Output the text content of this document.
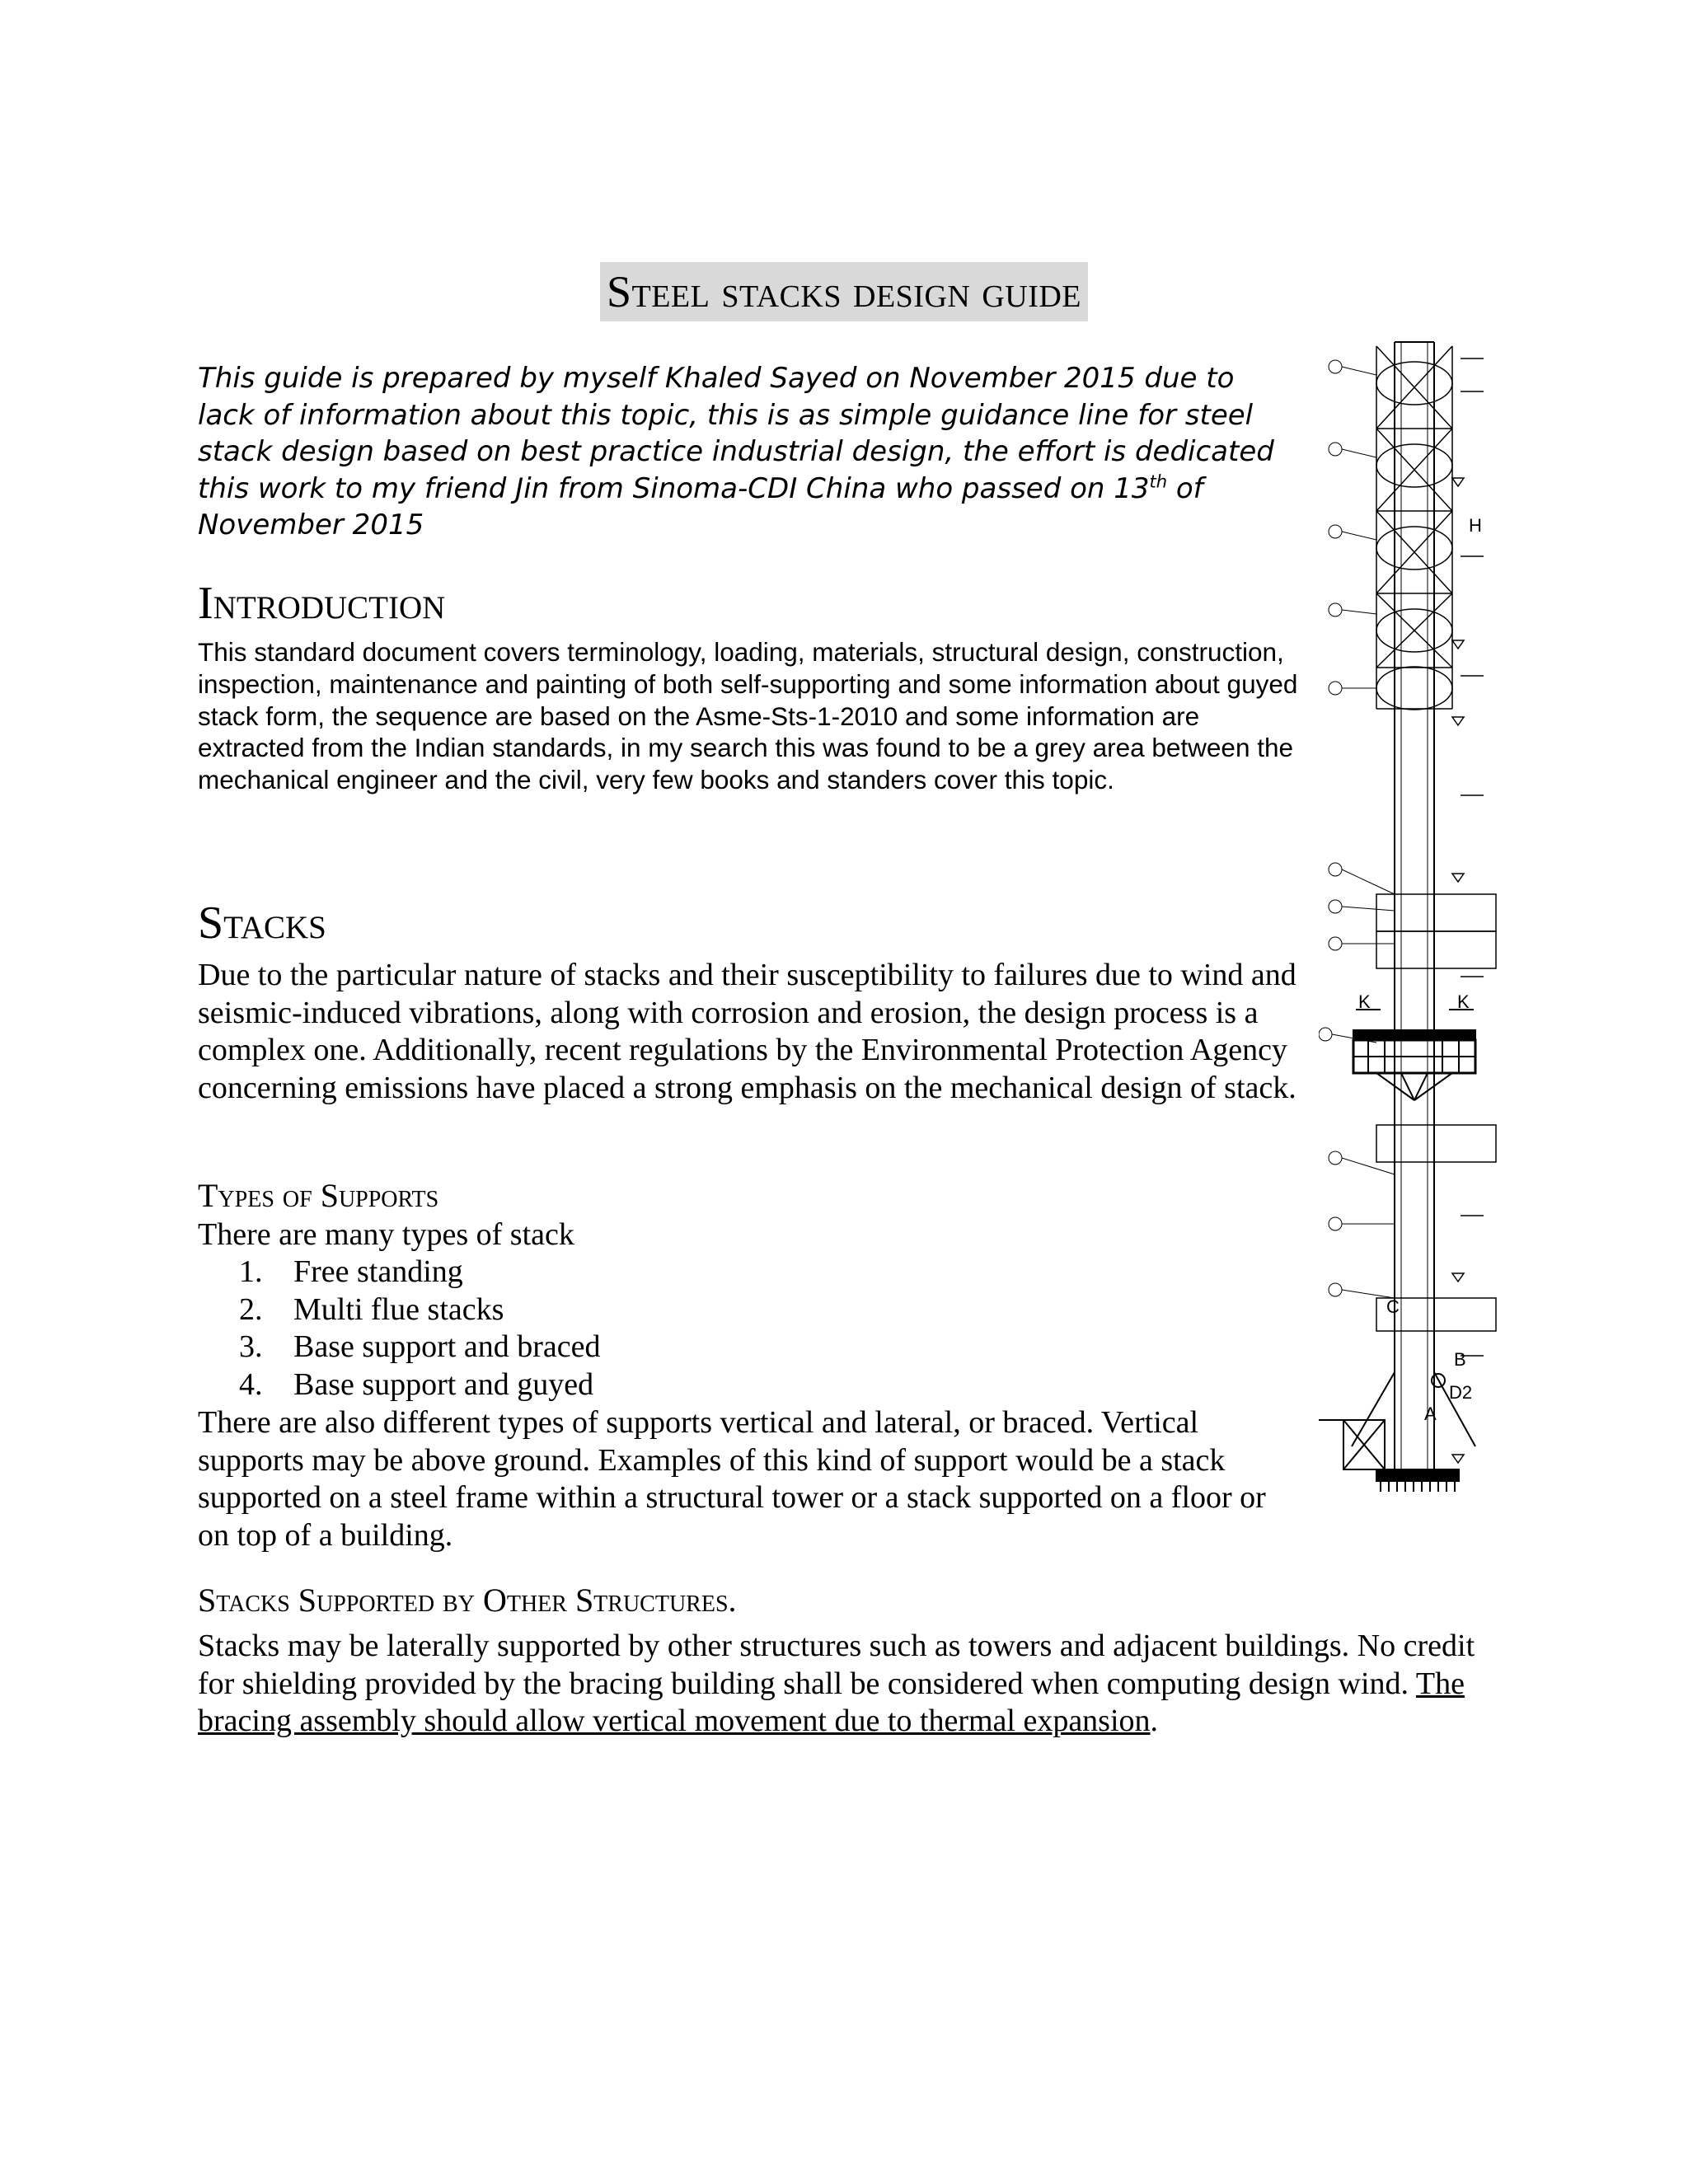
Steel stacks design guide

This guide is prepared by myself Khaled Sayed on November 2015 due to lack of information about this topic, this is as simple guidance line for steel stack design based on best practice industrial design, the effort is dedicated this work to my friend Jin from Sinoma-CDI China who passed on 13th of November 2015

Introduction

This standard document covers terminology, loading, materials, structural design, construction, inspection, maintenance and painting of both self-supporting and some information about guyed stack form, the sequence are based on the Asme-Sts-1-2010 and some information are extracted from the Indian standards, in my search this was found to be a grey area between the mechanical engineer and the civil, very few books and standers cover this topic.

Stacks

Due to the particular nature of stacks and their susceptibility to failures due to wind and seismic-induced vibrations, along with corrosion and erosion, the design process is a complex one. Additionally, recent regulations by the Environmental Protection Agency concerning emissions have placed a strong emphasis on the mechanical design of stack.

Types of Supports

There are many types of stack

1. Free standing
2. Multi flue stacks
3. Base support and braced
4. Base support and guyed

There are also different types of supports vertical and lateral, or braced. Vertical supports may be above ground. Examples of this kind of support would be a stack supported on a steel frame within a structural tower or a stack supported on a floor or on top of a building.

Stacks Supported by Other Structures.

Stacks may be laterally supported by other structures such as towers and adjacent buildings. No credit for shielding provided by the bracing building shall be considered when computing design wind. The bracing assembly should allow vertical movement due to thermal expansion.

H
K	K
C
B
D2
A
